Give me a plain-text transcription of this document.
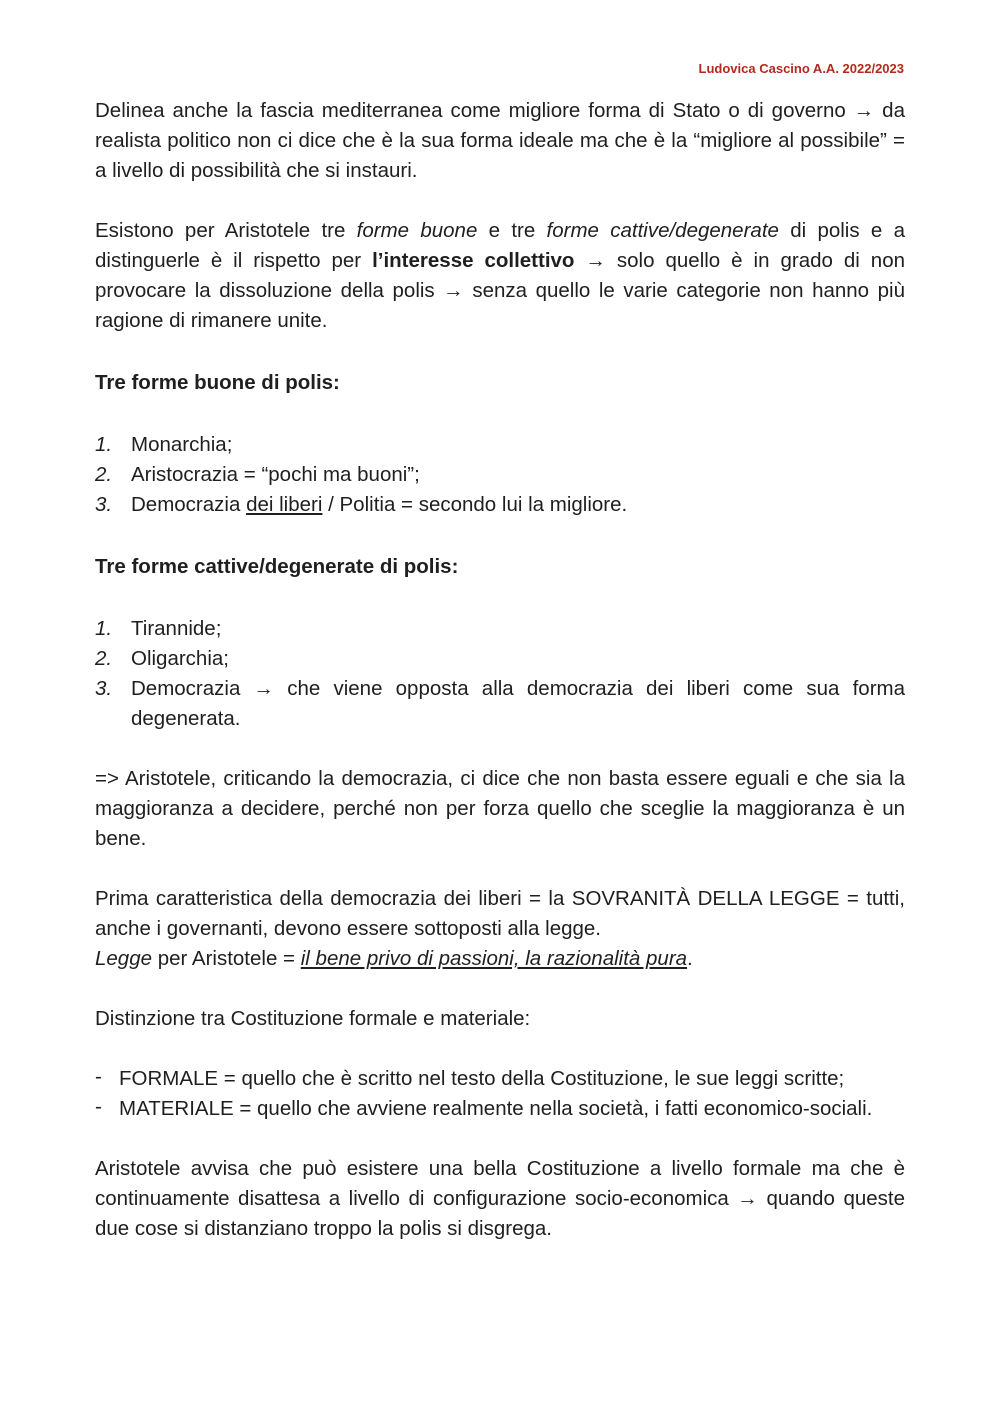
Ludovica Cascino A.A. 2022/2023

Delinea anche la fascia mediterranea come migliore forma di Stato o di governo → da realista politico non ci dice che è la sua forma ideale ma che è la “migliore al possibile” = a livello di possibilità che si instauri.

Esistono per Aristotele tre forme buone e tre forme cattive/degenerate di polis e a distinguerle è il rispetto per l’interesse collettivo → solo quello è in grado di non provocare la dissoluzione della polis → senza quello le varie categorie non hanno più ragione di rimanere unite.

Tre forme buone di polis:

1. Monarchia;
2. Aristocrazia = “pochi ma buoni”;
3. Democrazia dei liberi / Politia = secondo lui la migliore.

Tre forme cattive/degenerate di polis:

1. Tirannide;
2. Oligarchia;
3. Democrazia → che viene opposta alla democrazia dei liberi come sua forma degenerata.

=> Aristotele, criticando la democrazia, ci dice che non basta essere eguali e che sia la maggioranza a decidere, perché non per forza quello che sceglie la maggioranza è un bene.

Prima caratteristica della democrazia dei liberi = la SOVRANITÀ DELLA LEGGE = tutti, anche i governanti, devono essere sottoposti alla legge.
Legge per Aristotele = il bene privo di passioni, la razionalità pura.

Distinzione tra Costituzione formale e materiale:

- FORMALE = quello che è scritto nel testo della Costituzione, le sue leggi scritte;
- MATERIALE = quello che avviene realmente nella società, i fatti economico-sociali.

Aristotele avvisa che può esistere una bella Costituzione a livello formale ma che è continuamente disattesa a livello di configurazione socio-economica → quando queste due cose si distanziano troppo la polis si disgrega.
